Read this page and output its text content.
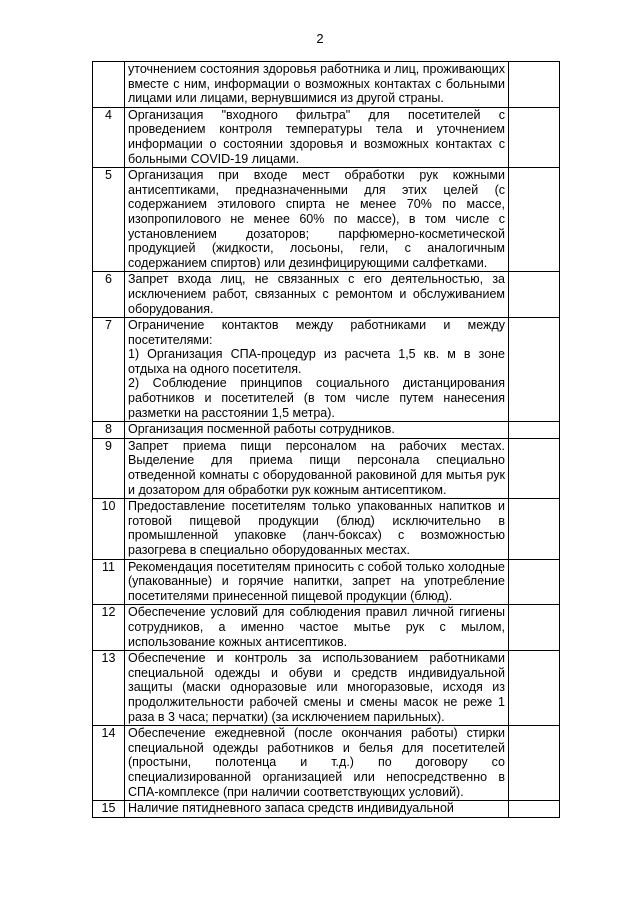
2

	уточнением состояния здоровья работника и лиц, проживающих вместе с ним, информации о возможных контактах с больными лицами или лицами, вернувшимися из другой страны.	

4	Организация "входного фильтра" для посетителей с проведением контроля температуры тела и уточнением информации о состоянии здоровья и возможных контактах с больными COVID-19 лицами.	

5	Организация при входе мест обработки рук кожными антисептиками, предназначенными для этих целей (с содержанием этилового спирта не менее 70% по массе, изопропилового не менее 60% по массе), в том числе с установлением дозаторов; парфюмерно-косметической продукцией (жидкости, лосьоны, гели, с аналогичным содержанием спиртов) или дезинфицирующими салфетками.	

6	Запрет входа лиц, не связанных с его деятельностью, за исключением работ, связанных с ремонтом и обслуживанием оборудования.	

7	Ограничение контактов между работниками и между посетителями:
1) Организация СПА-процедур из расчета 1,5 кв. м в зоне отдыха на одного посетителя.
2) Соблюдение принципов социального дистанцирования работников и посетителей (в том числе путем нанесения разметки на расстоянии 1,5 метра).	

8	Организация посменной работы сотрудников.	

9	Запрет приема пищи персоналом на рабочих местах. Выделение для приема пищи персонала специально отведенной комнаты с оборудованной раковиной для мытья рук и дозатором для обработки рук кожным антисептиком.	

10	Предоставление посетителям только упакованных напитков и готовой пищевой продукции (блюд) исключительно в промышленной упаковке (ланч-боксах) с возможностью разогрева в специально оборудованных местах.	

11	Рекомендация посетителям приносить с собой только холодные (упакованные) и горячие напитки, запрет на употребление посетителями принесенной пищевой продукции (блюд).	

12	Обеспечение условий для соблюдения правил личной гигиены сотрудников, а именно частое мытье рук с мылом, использование кожных антисептиков.	

13	Обеспечение и контроль за использованием работниками специальной одежды и обуви и средств индивидуальной защиты (маски одноразовые или многоразовые, исходя из продолжительности рабочей смены и смены масок не реже 1 раза в 3 часа; перчатки) (за исключением парильных).	

14	Обеспечение ежедневной (после окончания работы) стирки специальной одежды работников и белья для посетителей (простыни, полотенца и т.д.) по договору со специализированной организацией или непосредственно в СПА-комплексе (при наличии соответствующих условий).	

15	Наличие пятидневного запаса средств индивидуальной	
